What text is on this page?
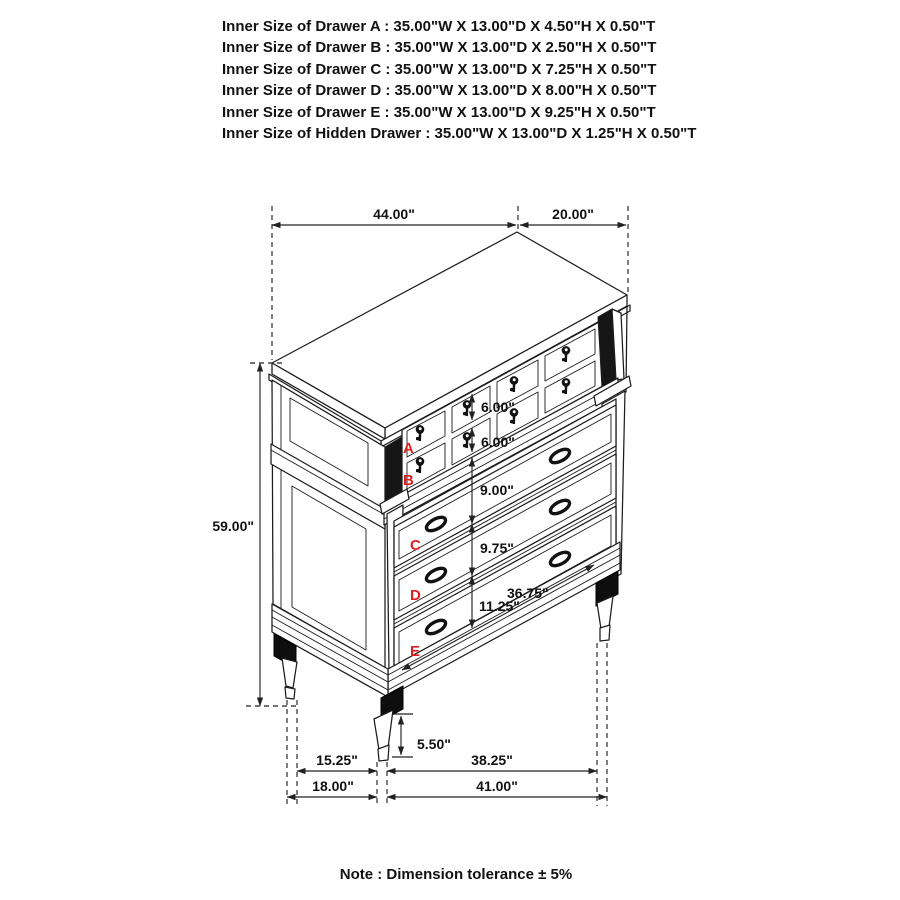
Inner Size of Drawer A : 35.00"W X 13.00"D X 4.50"H X 0.50"T
Inner Size of Drawer B : 35.00"W X 13.00"D X 2.50"H X 0.50"T
Inner Size of Drawer C : 35.00"W X 13.00"D X 7.25"H X 0.50"T
Inner Size of Drawer D : 35.00"W X 13.00"D X 8.00"H X 0.50"T
Inner Size of Drawer E : 35.00"W X 13.00"D X 9.25"H X 0.50"T
Inner Size of Hidden Drawer : 35.00"W X 13.00"D X 1.25"H X 0.50"T
44.00"	20.00"
59.00"
6.00"
6.00"
9.00"
9.75"
11.25"
36.75"
5.50"
15.25"	38.25"
18.00"	41.00"
A
B
C
D
E
Note : Dimension tolerance ± 5%
